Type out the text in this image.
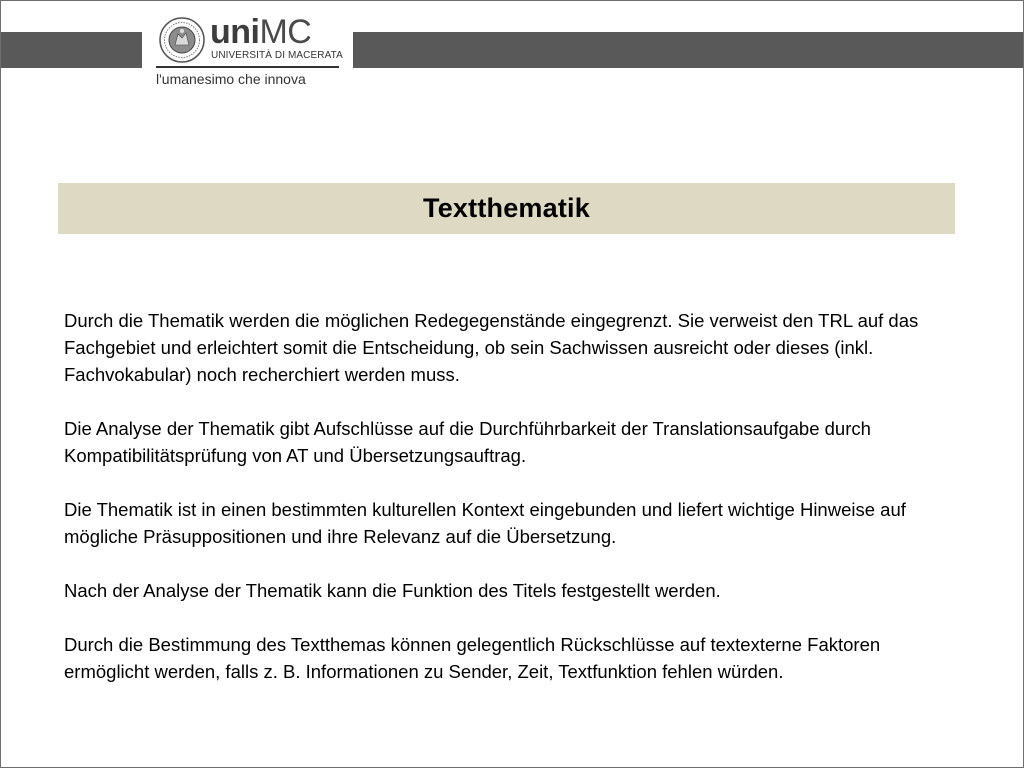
uniMC
UNIVERSITÀ DI MACERATA
l'umanesimo che innova
Textthematik

Durch die Thematik werden die möglichen Redegegenstände eingegrenzt. Sie verweist den TRL auf das Fachgebiet und erleichtert somit die Entscheidung, ob sein Sachwissen ausreicht oder dieses (inkl. Fachvokabular) noch recherchiert werden muss.

Die Analyse der Thematik gibt Aufschlüsse auf die Durchführbarkeit der Translationsaufgabe durch Kompatibilitätsprüfung von AT und Übersetzungsauftrag.

Die Thematik ist in einen bestimmten kulturellen Kontext eingebunden und liefert wichtige Hinweise auf mögliche Präsuppositionen und ihre Relevanz auf die Übersetzung.

Nach der Analyse der Thematik kann die Funktion des Titels festgestellt werden.

Durch die Bestimmung des Textthemas können gelegentlich Rückschlüsse auf textexterne Faktoren ermöglicht werden, falls z. B. Informationen zu Sender, Zeit, Textfunktion fehlen würden.
